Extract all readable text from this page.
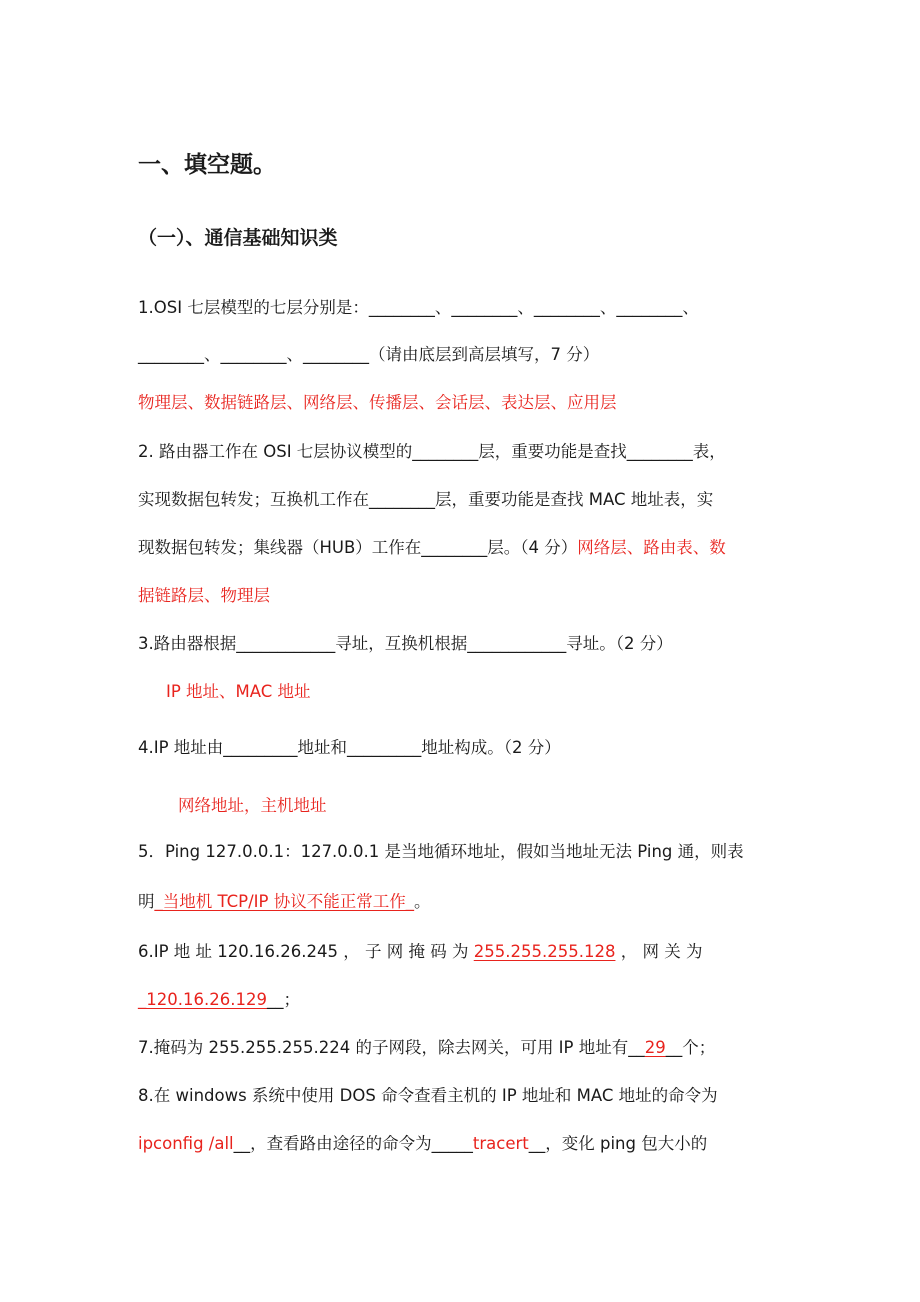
一、填空题。
（一）、通信基础知识类
1.OSI 七层模型的七层分别是：________、________、________、________、
________、________、________（请由底层到高层填写，7 分）
物理层、数据链路层、网络层、传播层、会话层、表达层、应用层
2. 路由器工作在 OSI 七层协议模型的________层，重要功能是查找________表，
实现数据包转发；互换机工作在________层，重要功能是查找 MAC 地址表，实
现数据包转发；集线器（HUB）工作在________层。（4 分）网络层、路由表、数
据链路层、物理层
3.路由器根据____________寻址，互换机根据____________寻址。（2 分）
IP 地址、MAC 地址
4.IP 地址由_________地址和_________地址构成。（2 分）
网络地址，主机地址
5．Ping 127.0.0.1：127.0.0.1 是当地循环地址，假如当地址无法 Ping 通，则表
明_当地机 TCP/IP 协议不能正常工作_。
6.IP 地 址 120.16.26.245 ， 子 网 掩 码 为 255.255.255.128 ， 网 关 为
_120.16.26.129__；
7.掩码为 255.255.255.224 的子网段，除去网关，可用 IP 地址有__29__个；
8.在 windows 系统中使用 DOS 命令查看主机的 IP 地址和 MAC 地址的命令为
ipconfig /all__，查看路由途径的命令为_____tracert__，变化 ping 包大小的
